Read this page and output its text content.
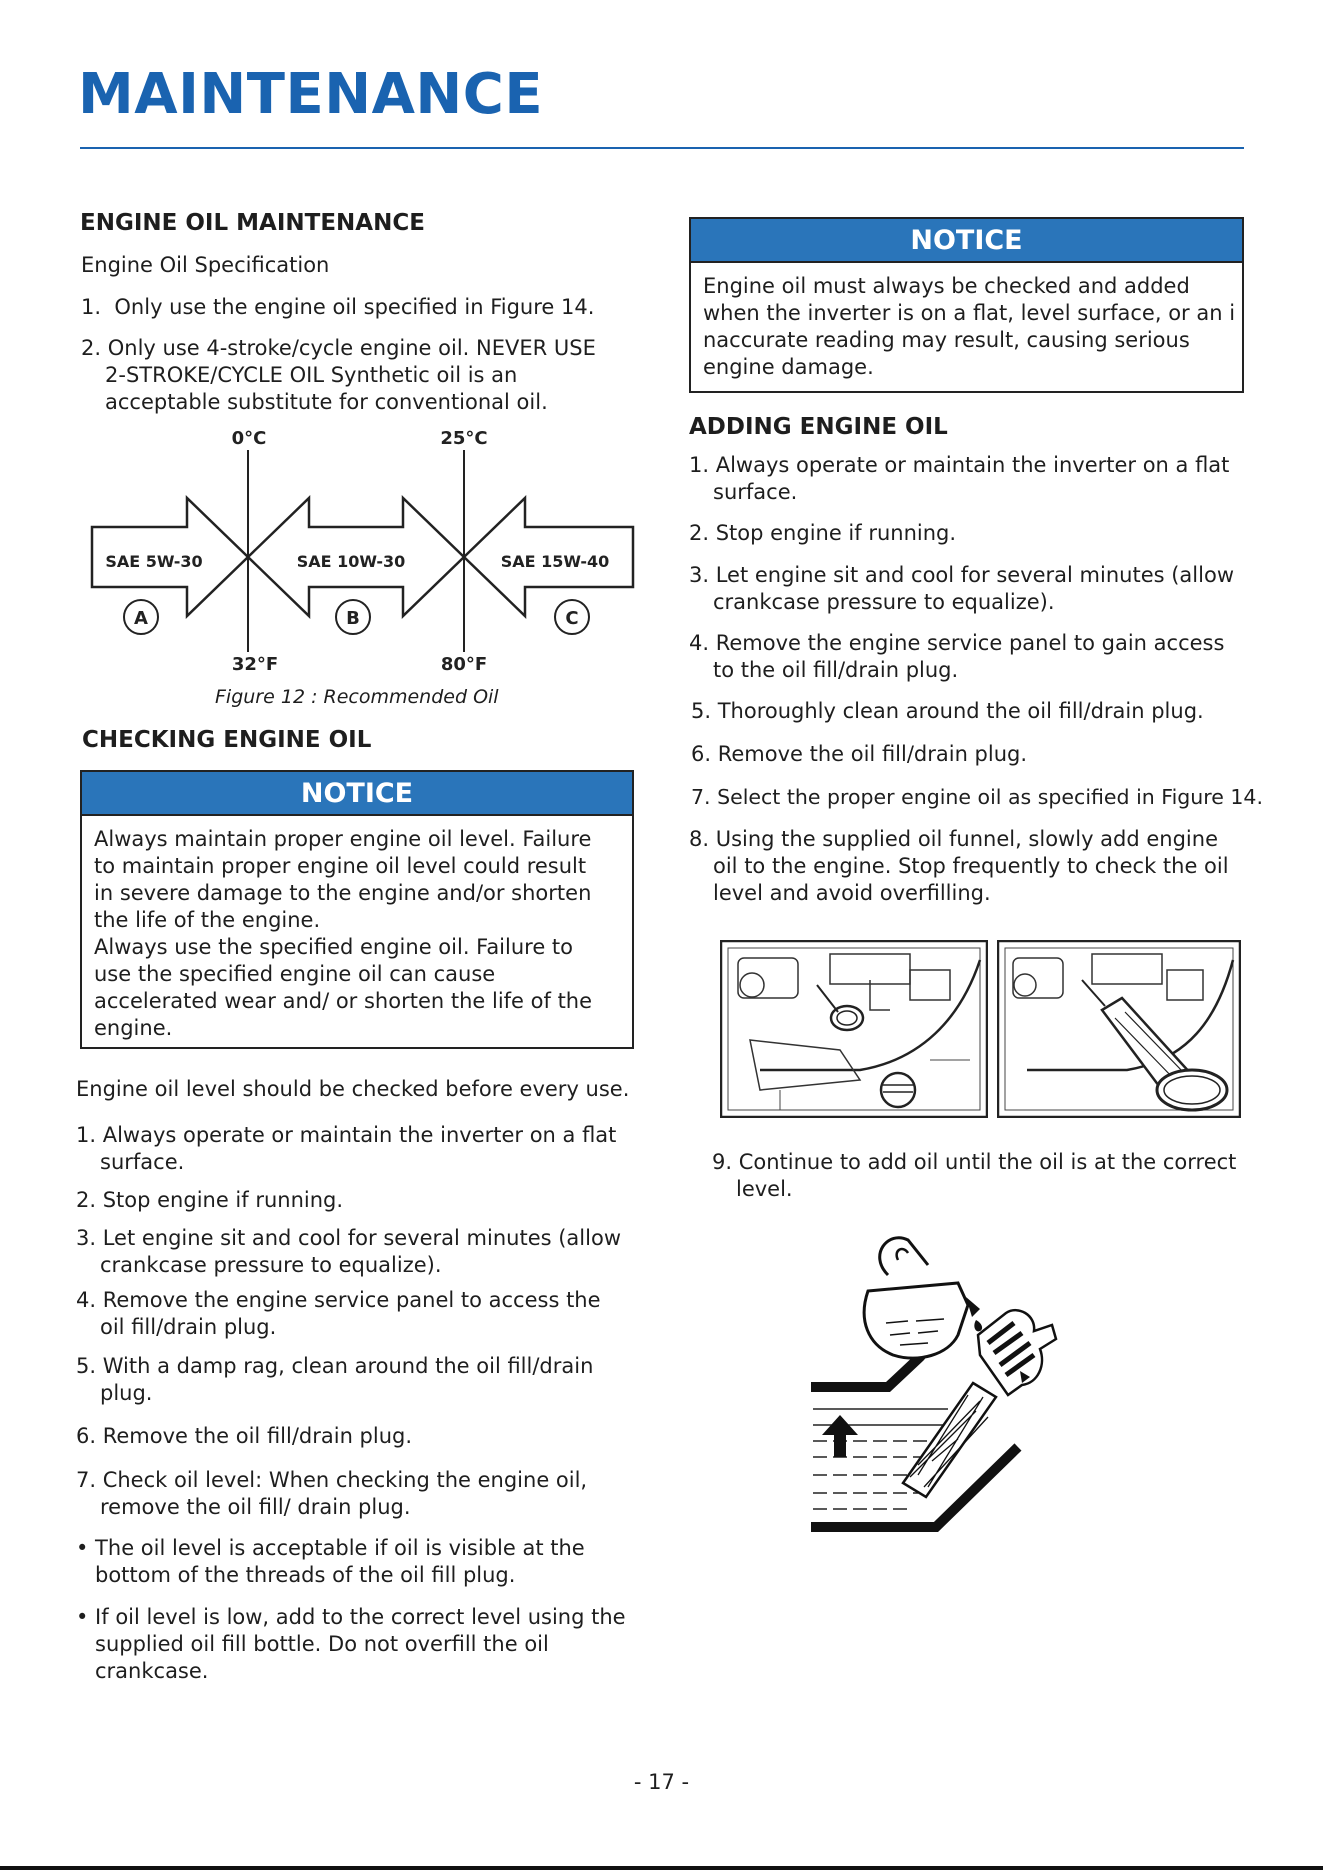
MAINTENANCE
ENGINE OIL MAINTENANCE
Engine Oil Specification
1. Only use the engine oil specified in Figure 14.
2. Only use 4-stroke/cycle engine oil. NEVER USE
2-STROKE/CYCLE OIL Synthetic oil is an
acceptable substitute for conventional oil.
0°C	25°C
32°F	80°F
SAE 5W-30	SAE 10W-30	SAE 15W-40
A	B	C
Figure 12 : Recommended Oil
CHECKING ENGINE OIL
NOTICE
Always maintain proper engine oil level. Failure
to maintain proper engine oil level could result
in severe damage to the engine and/or shorten
the life of the engine.
Always use the specified engine oil. Failure to
use the specified engine oil can cause
accelerated wear and/ or shorten the life of the
engine.
Engine oil level should be checked before every use.
1. Always operate or maintain the inverter on a flat
surface.
2. Stop engine if running.
3. Let engine sit and cool for several minutes (allow
crankcase pressure to equalize).
4. Remove the engine service panel to access the
oil fill/drain plug.
5. With a damp rag, clean around the oil fill/drain
plug.
6. Remove the oil fill/drain plug.
7. Check oil level: When checking the engine oil,
remove the oil fill/ drain plug.
• The oil level is acceptable if oil is visible at the
bottom of the threads of the oil fill plug.
• If oil level is low, add to the correct level using the
supplied oil fill bottle. Do not overfill the oil
crankcase.
NOTICE
Engine oil must always be checked and added
when the inverter is on a flat, level surface, or an i
naccurate reading may result, causing serious
engine damage.
ADDING ENGINE OIL
1. Always operate or maintain the inverter on a flat
surface.
2. Stop engine if running.
3. Let engine sit and cool for several minutes (allow
crankcase pressure to equalize).
4. Remove the engine service panel to gain access
to the oil fill/drain plug.
5. Thoroughly clean around the oil fill/drain plug.
6. Remove the oil fill/drain plug.
7. Select the proper engine oil as specified in Figure 14.
8. Using the supplied oil funnel, slowly add engine
oil to the engine. Stop frequently to check the oil
level and avoid overfilling.
9. Continue to add oil until the oil is at the correct
level.
- 17 -
